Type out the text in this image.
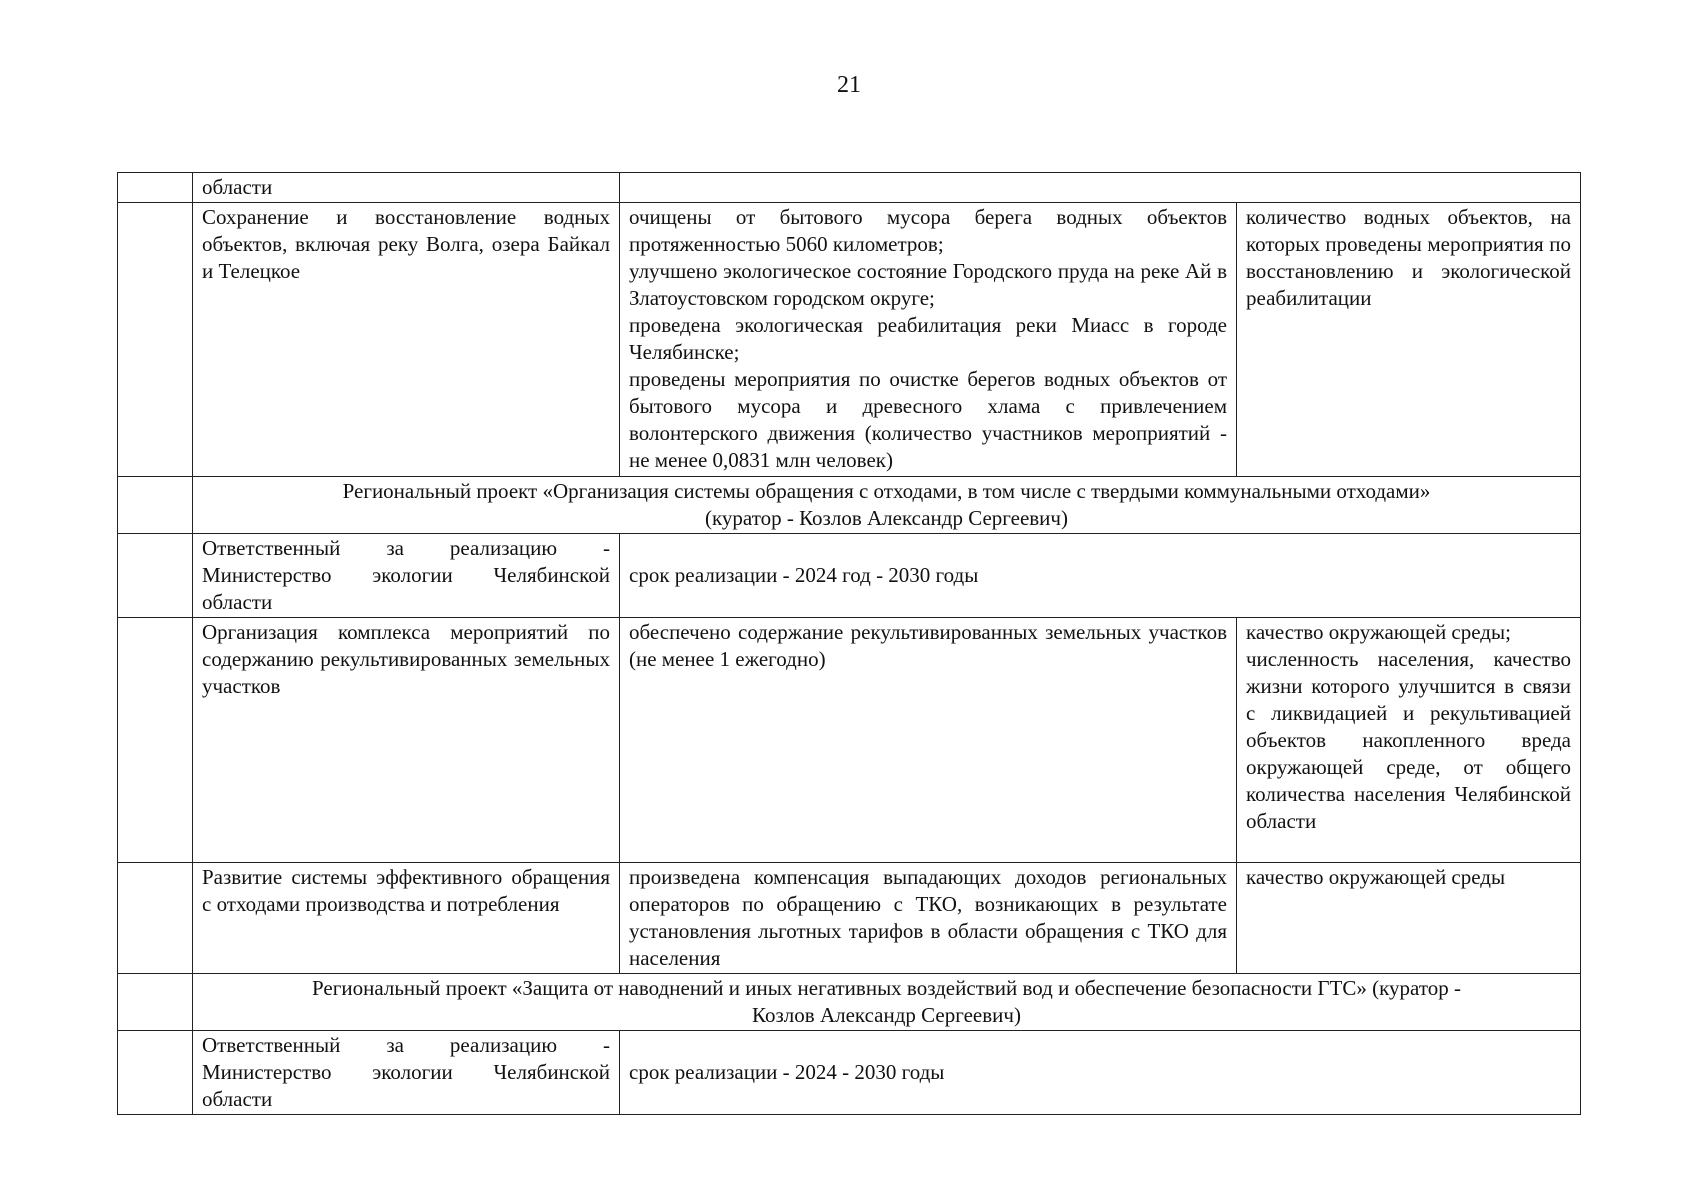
21
	области		
	Сохранение и восстановление водных объектов, включая реку Волга, озера Байкал и Телецкое	очищены от бытового мусора берега водных объектов протяженностью 5060 километров;
улучшено экологическое состояние Городского пруда на реке Ай в Златоустовском городском округе;
проведена экологическая реабилитация реки Миасс в городе Челябинске;
проведены мероприятия по очистке берегов водных объектов от бытового мусора и древесного хлама с привлечением волонтерского движения (количество участников мероприятий - не менее 0,0831 млн человек)	количество водных объектов, на которых проведены мероприятия по восстановлению и экологической реабилитации

	Региональный проект «Организация системы обращения с отходами, в том числе с твердыми коммунальными отходами»
(куратор - Козлов Александр Сергеевич)		

	Ответственный за реализацию - Министерство экологии Челябинской области	срок реализации - 2024 год - 2030 годы	
	Организация комплекса мероприятий по содержанию рекультивированных земельных участков	обеспечено содержание рекультивированных земельных участков (не менее 1 ежегодно)	качество окружающей среды;
численность населения, качество жизни которого улучшится в связи с ликвидацией и рекультивацией объектов накопленного вреда окружающей среде, от общего количества населения Челябинской области

	Развитие системы эффективного обращения с отходами производства и потребления	произведена компенсация выпадающих доходов региональных операторов по обращению с ТКО, возникающих в результате установления льготных тарифов в области обращения с ТКО для населения	качество окружающей среды

	Региональный проект «Защита от наводнений и иных негативных воздействий вод и обеспечение безопасности ГТС» (куратор -
Козлов Александр Сергеевич)		

	Ответственный за реализацию - Министерство экологии Челябинской области	срок реализации - 2024 - 2030 годы	
